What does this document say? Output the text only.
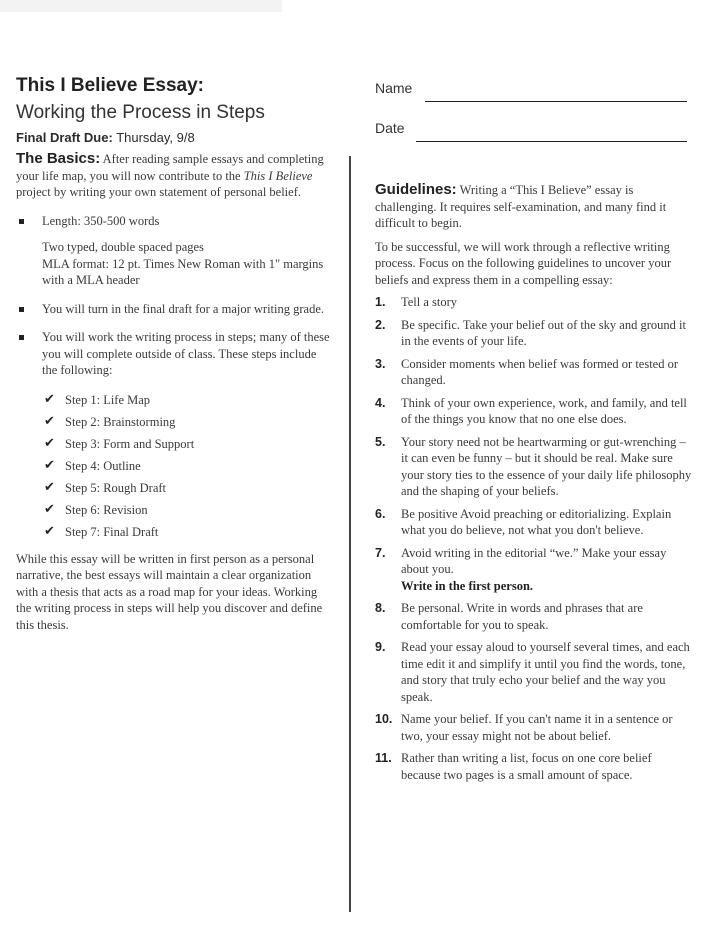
This I Believe Essay:
Working the Process in Steps
Final Draft Due: Thursday, 9/8
The Basics: After reading sample essays and completing your life map, you will now contribute to the This I Believe project by writing your own statement of personal belief.
Length: 350-500 words
Two typed, double spaced pages
MLA format: 12 pt. Times New Roman with 1" margins with a MLA header
You will turn in the final draft for a major writing grade.
You will work the writing process in steps; many of these you will complete outside of class. These steps include the following:
✔ Step 1: Life Map
✔ Step 2: Brainstorming
✔ Step 3: Form and Support
✔ Step 4: Outline
✔ Step 5: Rough Draft
✔ Step 6: Revision
✔ Step 7: Final Draft
While this essay will be written in first person as a personal narrative, the best essays will maintain a clear organization with a thesis that acts as a road map for your ideas. Working the writing process in steps will help you discover and define this thesis.
Name
Date
Guidelines: Writing a “This I Believe” essay is challenging. It requires self-examination, and many find it difficult to begin.
To be successful, we will work through a reflective writing process. Focus on the following guidelines to uncover your beliefs and express them in a compelling essay:
1. Tell a story
2. Be specific. Take your belief out of the sky and ground it in the events of your life.
3. Consider moments when belief was formed or tested or changed.
4. Think of your own experience, work, and family, and tell of the things you know that no one else does.
5. Your story need not be heartwarming or gut-wrenching – it can even be funny – but it should be real. Make sure your story ties to the essence of your daily life philosophy and the shaping of your beliefs.
6. Be positive Avoid preaching or editorializing. Explain what you do believe, not what you don't believe.
7. Avoid writing in the editorial “we.” Make your essay about you.
Write in the first person.
8. Be personal. Write in words and phrases that are comfortable for you to speak.
9. Read your essay aloud to yourself several times, and each time edit it and simplify it until you find the words, tone, and story that truly echo your belief and the way you speak.
10. Name your belief. If you can't name it in a sentence or two, your essay might not be about belief.
11. Rather than writing a list, focus on one core belief because two pages is a small amount of space.
